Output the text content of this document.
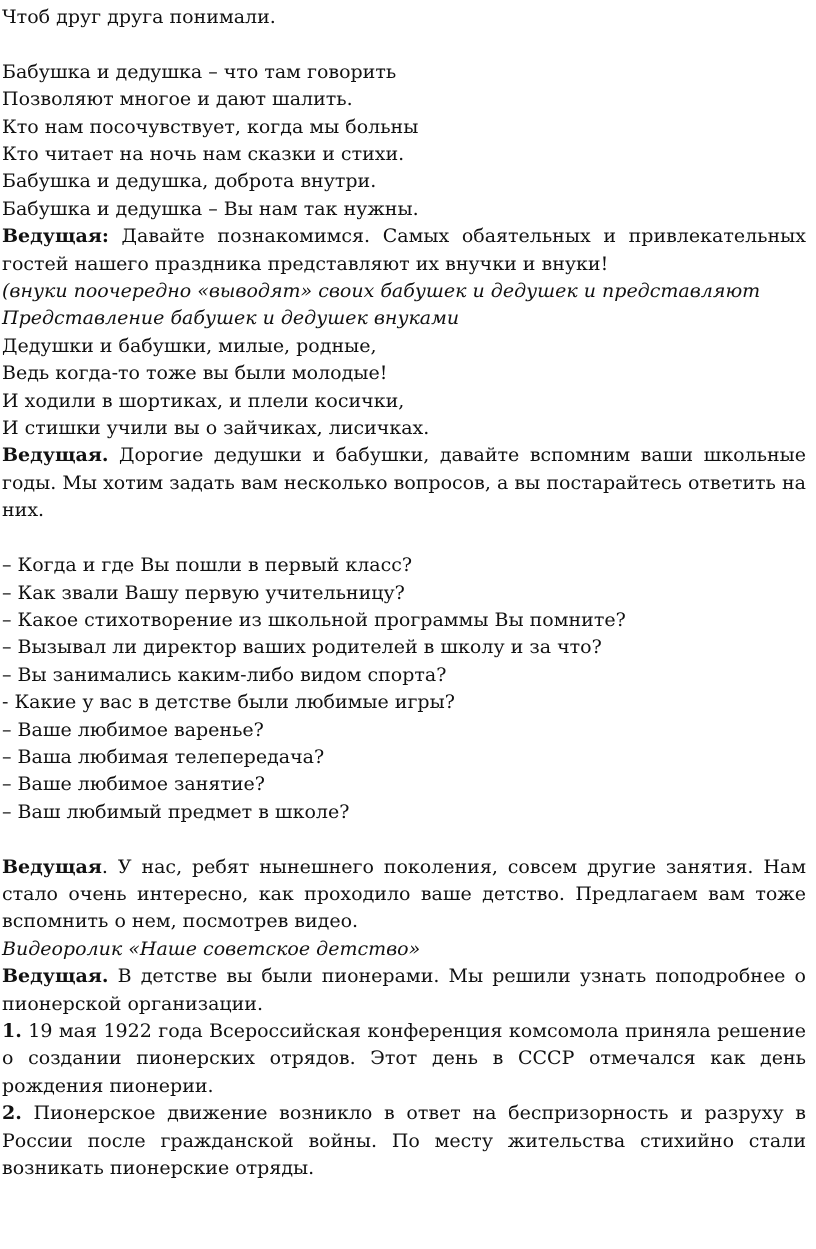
Чтоб друг друга понимали.

Бабушка и дедушка – что там говорить

Позволяют многое и дают шалить.

Кто нам посочувствует, когда мы больны

Кто читает на ночь нам сказки и стихи.

Бабушка и дедушка, доброта внутри.

Бабушка и дедушка – Вы нам так нужны.

Ведущая: Давайте познакомимся. Самых обаятельных и привлекательных гостей нашего праздника представляют их внучки и внуки!

(внуки поочередно «выводят» своих бабушек и дедушек и представляют

Представление бабушек и дедушек внуками

Дедушки и бабушки, милые, родные,

Ведь когда-то тоже вы были молодые!

И ходили в шортиках, и плели косички,

И стишки учили вы о зайчиках, лисичках.

Ведущая. Дорогие дедушки и бабушки, давайте вспомним ваши школьные годы. Мы хотим задать вам несколько вопросов, а вы постарайтесь ответить на них.

– Когда и где Вы пошли в первый класс?

– Как звали Вашу первую учительницу?

– Какое стихотворение из школьной программы Вы помните?

– Вызывал ли директор ваших родителей в школу и за что?

– Вы занимались каким-либо видом спорта?

- Какие у вас в детстве были любимые игры?

– Ваше любимое варенье?

– Ваша любимая телепередача?

– Ваше любимое занятие?

– Ваш любимый предмет в школе?

Ведущая. У нас, ребят нынешнего поколения, совсем другие занятия. Нам стало очень интересно, как проходило ваше детство. Предлагаем вам тоже вспомнить о нем, посмотрев видео.

Видеоролик «Наше советское детство»

Ведущая. В детстве вы были пионерами. Мы решили узнать поподробнее о пионерской организации.

1. 19 мая 1922 года Всероссийская конференция комсомола приняла решение о создании пионерских отрядов. Этот день в СССР отмечался как день рождения пионерии.

2. Пионерское движение возникло в ответ на беспризорность и разруху в России после гражданской войны. По месту жительства стихийно стали возникать пионерские отряды.
